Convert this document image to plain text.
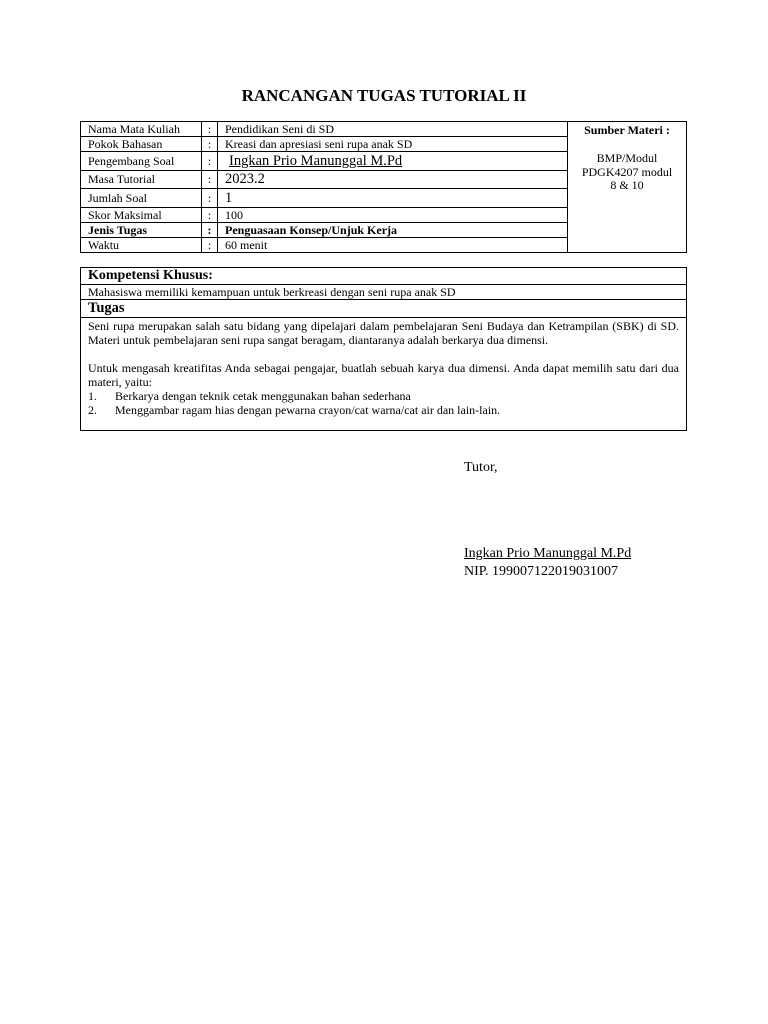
RANCANGAN TUGAS TUTORIAL II
Nama Mata Kuliah	:	Pendidikan Seni di SD
Pokok Bahasan	:	Kreasi dan apresiasi seni rupa anak SD
Pengembang Soal	:	Ingkan Prio Manunggal M.Pd
Masa Tutorial	: 2023.2
Jumlah Soal	: 1
Skor Maksimal	:	100
Jenis Tugas	:	Penguasaan Konsep/Unjuk Kerja
Waktu	:	60 menit
Sumber Materi :
BMP/Modul
PDGK4207 modul
8 & 10
Kompetensi Khusus:
Mahasiswa memiliki kemampuan untuk berkreasi dengan seni rupa anak SD
Tugas

Seni rupa merupakan salah satu bidang yang dipelajari dalam pembelajaran Seni Budaya dan Ketrampilan (SBK) di SD. Materi untuk pembelajaran seni rupa sangat beragam, diantaranya adalah berkarya dua dimensi.

Untuk mengasah kreatifitas Anda sebagai pengajar, buatlah sebuah karya dua dimensi. Anda dapat memilih satu dari dua materi, yaitu:

1.	Berkarya dengan teknik cetak menggunakan bahan sederhana
2.	Menggambar ragam hias dengan pewarna crayon/cat warna/cat air dan lain-lain.
Tutor,
Ingkan Prio Manunggal M.Pd
NIP. 199007122019031007
